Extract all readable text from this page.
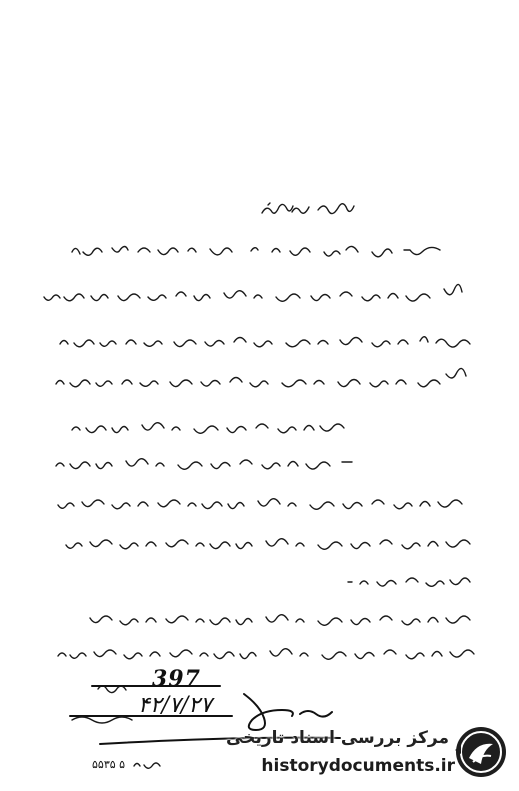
397
۴۲/۷/۲۷
۵۵۳۵ ۵
مرکز بررسی اسناد تاریخی
historydocuments.ir
